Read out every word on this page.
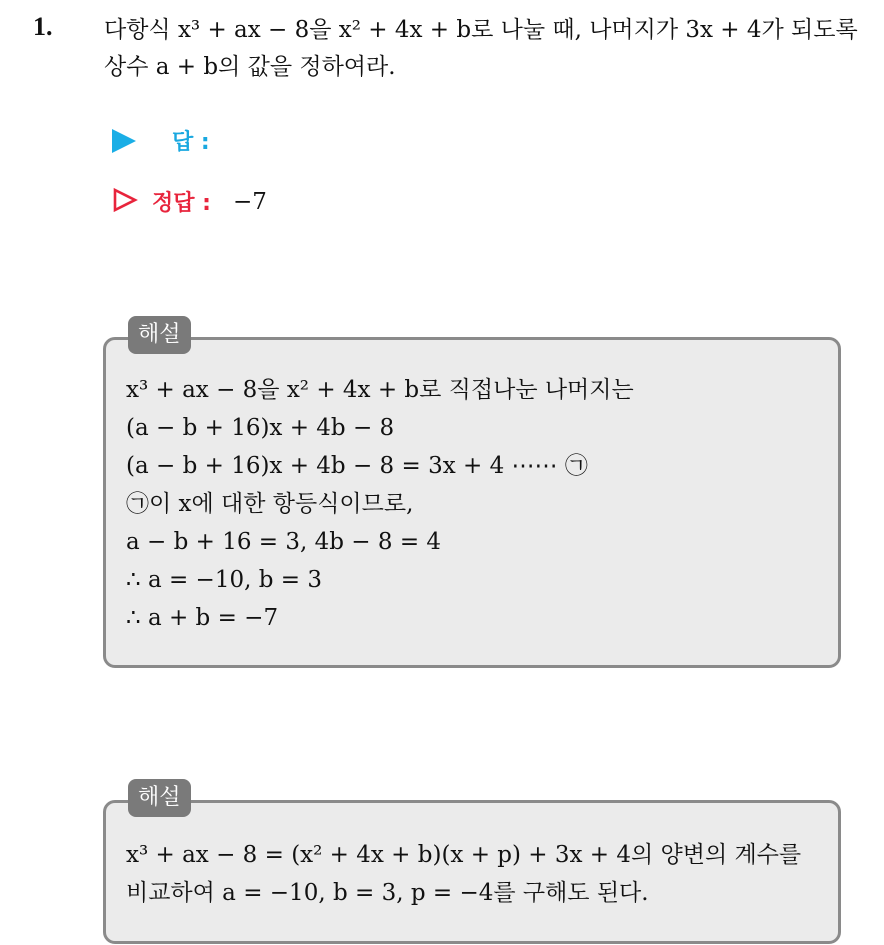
1. 다항식 x³ + ax − 8을 x² + 4x + b로 나눌 때, 나머지가 3x + 4가 되도록
상수 a + b의 값을 정하여라.
답 :
정답 : −7
x³ + ax − 8을 x² + 4x + b로 직접나눈 나머지는
(a − b + 16)x + 4b − 8
(a − b + 16)x + 4b − 8 = 3x + 4 ⋯⋯ ㉠
㉠이 x에 대한 항등식이므로,
a − b + 16 = 3, 4b − 8 = 4
∴ a = −10, b = 3
∴ a + b = −7
해설
x³ + ax − 8 = (x² + 4x + b)(x + p) + 3x + 4의 양변의 계수를
비교하여 a = −10, b = 3, p = −4를 구해도 된다.
해설
